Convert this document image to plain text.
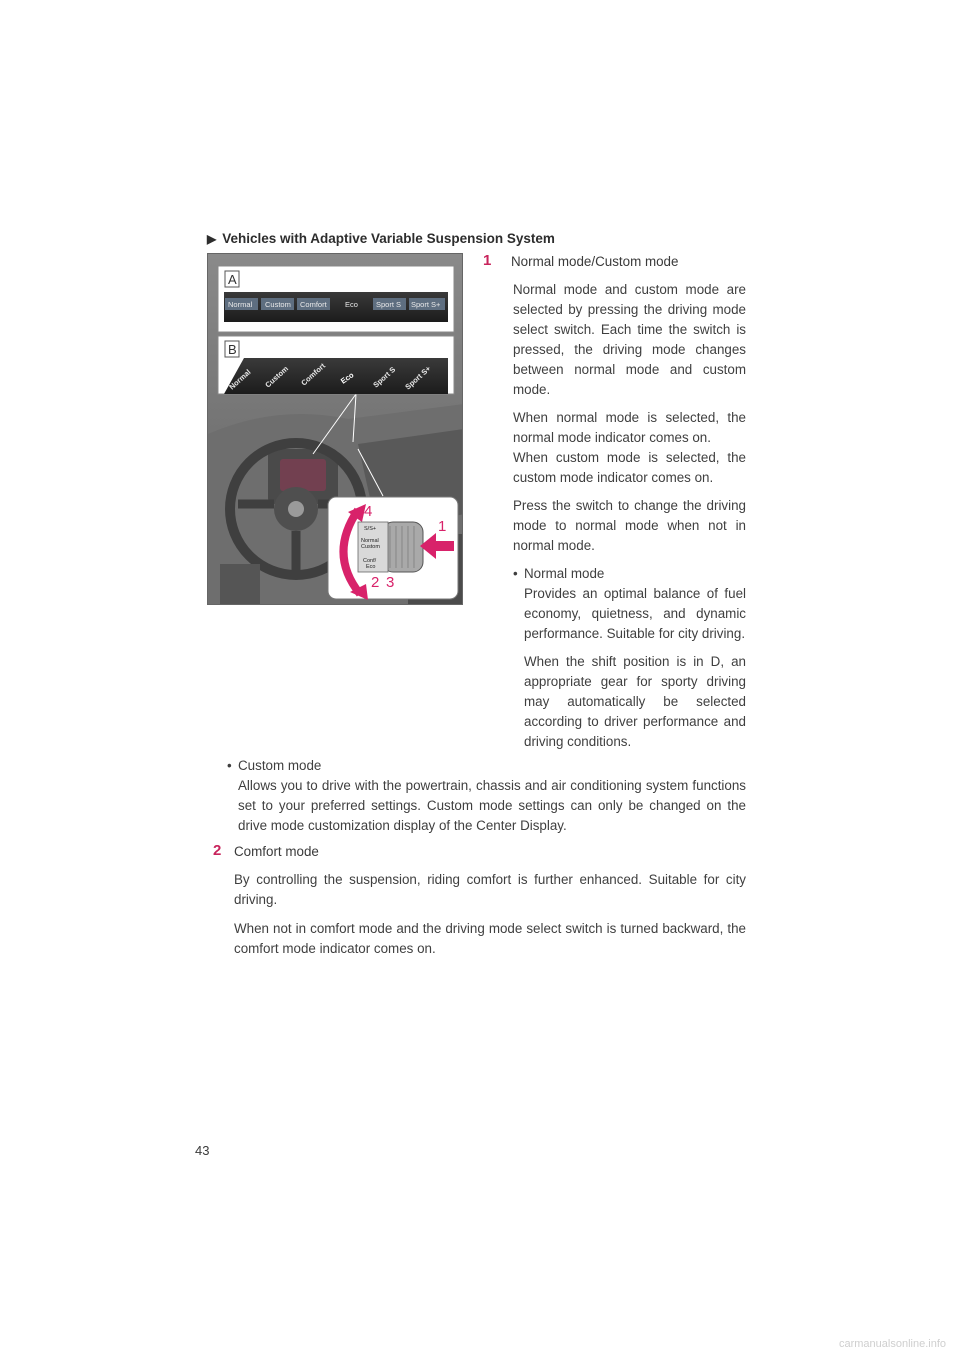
▶ Vehicles with Adaptive Variable Suspension System
A
Normal Custom Comfort Eco Sport S Sport S+
B
Normal Custom Comfort Eco Sport S Sport S+
S/S+
Normal
Custom
Conf/
Eco
4
1
2 3
1 Normal mode/Custom mode
Normal mode and custom mode are selected by pressing the driving mode select switch. Each time the switch is pressed, the driving mode changes between normal mode and custom mode.
When normal mode is selected, the normal mode indicator comes on.
When custom mode is selected, the custom mode indicator comes on.
Press the switch to change the driving mode to normal mode when not in normal mode.
• Normal mode
Provides an optimal balance of fuel economy, quietness, and dynamic performance. Suitable for city driving.
When the shift position is in D, an appropriate gear for sporty driving may automatically be selected according to driver performance and driving conditions.
• Custom mode
Allows you to drive with the powertrain, chassis and air conditioning system functions set to your preferred settings. Custom mode settings can only be changed on the drive mode customization display of the Center Display.
2 Comfort mode
By controlling the suspension, riding comfort is further enhanced. Suitable for city driving.
When not in comfort mode and the driving mode select switch is turned backward, the comfort mode indicator comes on.
43
carmanualsonline.info
